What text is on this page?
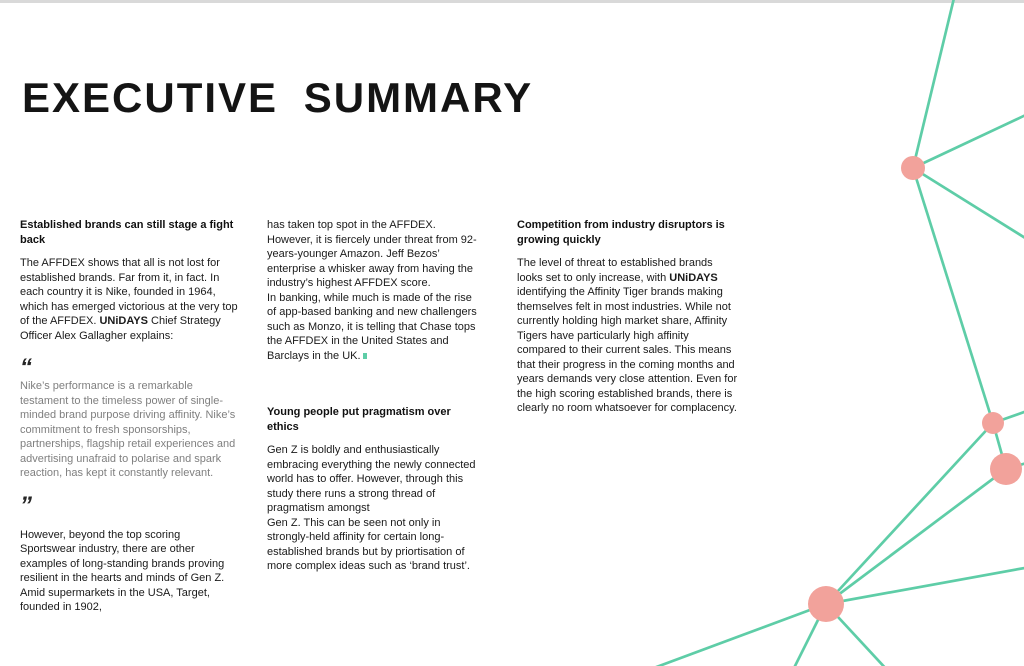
EXECUTIVE SUMMARY
Established brands can still stage a fight back

The AFFDEX shows that all is not lost for established brands. Far from it, in fact. In each country it is Nike, founded in 1964, which has emerged victorious at the very top of the AFFDEX. UNiDAYS Chief Strategy Officer Alex Gallagher explains:

“

Nike’s performance is a remarkable testament to the timeless power of single-minded brand purpose driving affinity. Nike’s commitment to fresh sponsorships, partnerships, flagship retail experiences and advertising unafraid to polarise and spark reaction, has kept it constantly relevant.

”

However, beyond the top scoring Sportswear industry, there are other examples of long-standing brands proving resilient in the hearts and minds of Gen Z. Amid supermarkets in the USA, Target, founded in 1902,

has taken top spot in the AFFDEX. However, it is fiercely under threat from 92-years-younger Amazon. Jeff Bezos’ enterprise a whisker away from having the industry’s highest AFFDEX score.

In banking, while much is made of the rise of app-based banking and new challengers such as Monzo, it is telling that Chase tops the AFFDEX in the United States and Barclays in the UK.

Young people put pragmatism over ethics

Gen Z is boldly and enthusiastically embracing everything the newly connected world has to offer. However, through this study there runs a strong thread of pragmatism amongst

Gen Z. This can be seen not only in strongly-held affinity for certain long- established brands but by priortisation of more complex ideas such as ‘brand trust’.

Competition from industry disruptors is growing quickly

The level of threat to established brands looks set to only increase, with UNiDAYS identifying the Affinity Tiger brands making themselves felt in most industries. While not currently holding high market share, Affinity Tigers have particularly high affinity compared to their current sales. This means that their progress in the coming months and years demands very close attention. Even for the high scoring established brands, there is clearly no room whatsoever for complacency.
